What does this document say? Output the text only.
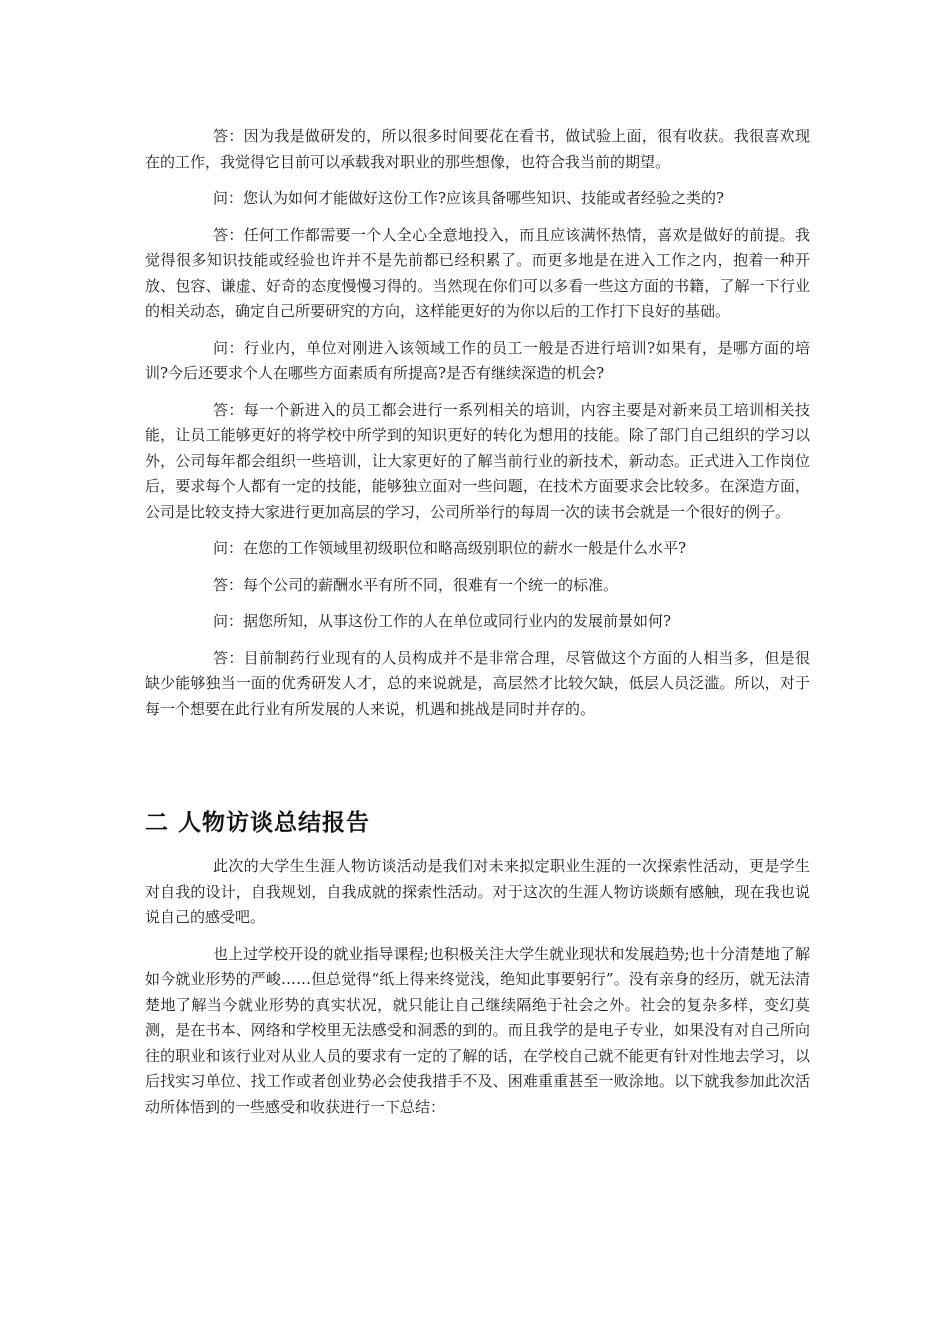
答：因为我是做研发的，所以很多时间要花在看书，做试验上面，很有收获。我很喜欢现在的工作，我觉得它目前可以承载我对职业的那些想像，也符合我当前的期望。

问：您认为如何才能做好这份工作?应该具备哪些知识、技能或者经验之类的?

答：任何工作都需要一个人全心全意地投入，而且应该满怀热情，喜欢是做好的前提。我觉得很多知识技能或经验也许并不是先前都已经积累了。而更多地是在进入工作之内，抱着一种开放、包容、谦虚、好奇的态度慢慢习得的。当然现在你们可以多看一些这方面的书籍，了解一下行业的相关动态，确定自己所要研究的方向，这样能更好的为你以后的工作打下良好的基础。

问：行业内，单位对刚进入该领域工作的员工一般是否进行培训?如果有，是哪方面的培训?今后还要求个人在哪些方面素质有所提高?是否有继续深造的机会?

答：每一个新进入的员工都会进行一系列相关的培训，内容主要是对新来员工培训相关技能，让员工能够更好的将学校中所学到的知识更好的转化为想用的技能。除了部门自己组织的学习以外，公司每年都会组织一些培训，让大家更好的了解当前行业的新技术，新动态。正式进入工作岗位后，要求每个人都有一定的技能，能够独立面对一些问题，在技术方面要求会比较多。在深造方面，公司是比较支持大家进行更加高层的学习，公司所举行的每周一次的读书会就是一个很好的例子。

问：在您的工作领域里初级职位和略高级别职位的薪水一般是什么水平?

答：每个公司的薪酬水平有所不同，很难有一个统一的标准。

问：据您所知，从事这份工作的人在单位或同行业内的发展前景如何?

答：目前制药行业现有的人员构成并不是非常合理，尽管做这个方面的人相当多，但是很缺少能够独当一面的优秀研发人才，总的来说就是，高层然才比较欠缺，低层人员泛滥。所以，对于每一个想要在此行业有所发展的人来说，机遇和挑战是同时并存的。

二 人物访谈总结报告

此次的大学生生涯人物访谈活动是我们对未来拟定职业生涯的一次探索性活动，更是学生对自我的设计，自我规划，自我成就的探索性活动。对于这次的生涯人物访谈颇有感触，现在我也说说自己的感受吧。

也上过学校开设的就业指导课程;也积极关注大学生就业现状和发展趋势;也十分清楚地了解如今就业形势的严峻……但总觉得“纸上得来终觉浅，绝知此事要躬行”。没有亲身的经历，就无法清楚地了解当今就业形势的真实状况，就只能让自己继续隔绝于社会之外。社会的复杂多样，变幻莫测，是在书本、网络和学校里无法感受和洞悉的到的。而且我学的是电子专业，如果没有对自己所向往的职业和该行业对从业人员的要求有一定的了解的话，在学校自己就不能更有针对性地去学习，以后找实习单位、找工作或者创业势必会使我措手不及、困难重重甚至一败涂地。以下就我参加此次活动所体悟到的一些感受和收获进行一下总结：
